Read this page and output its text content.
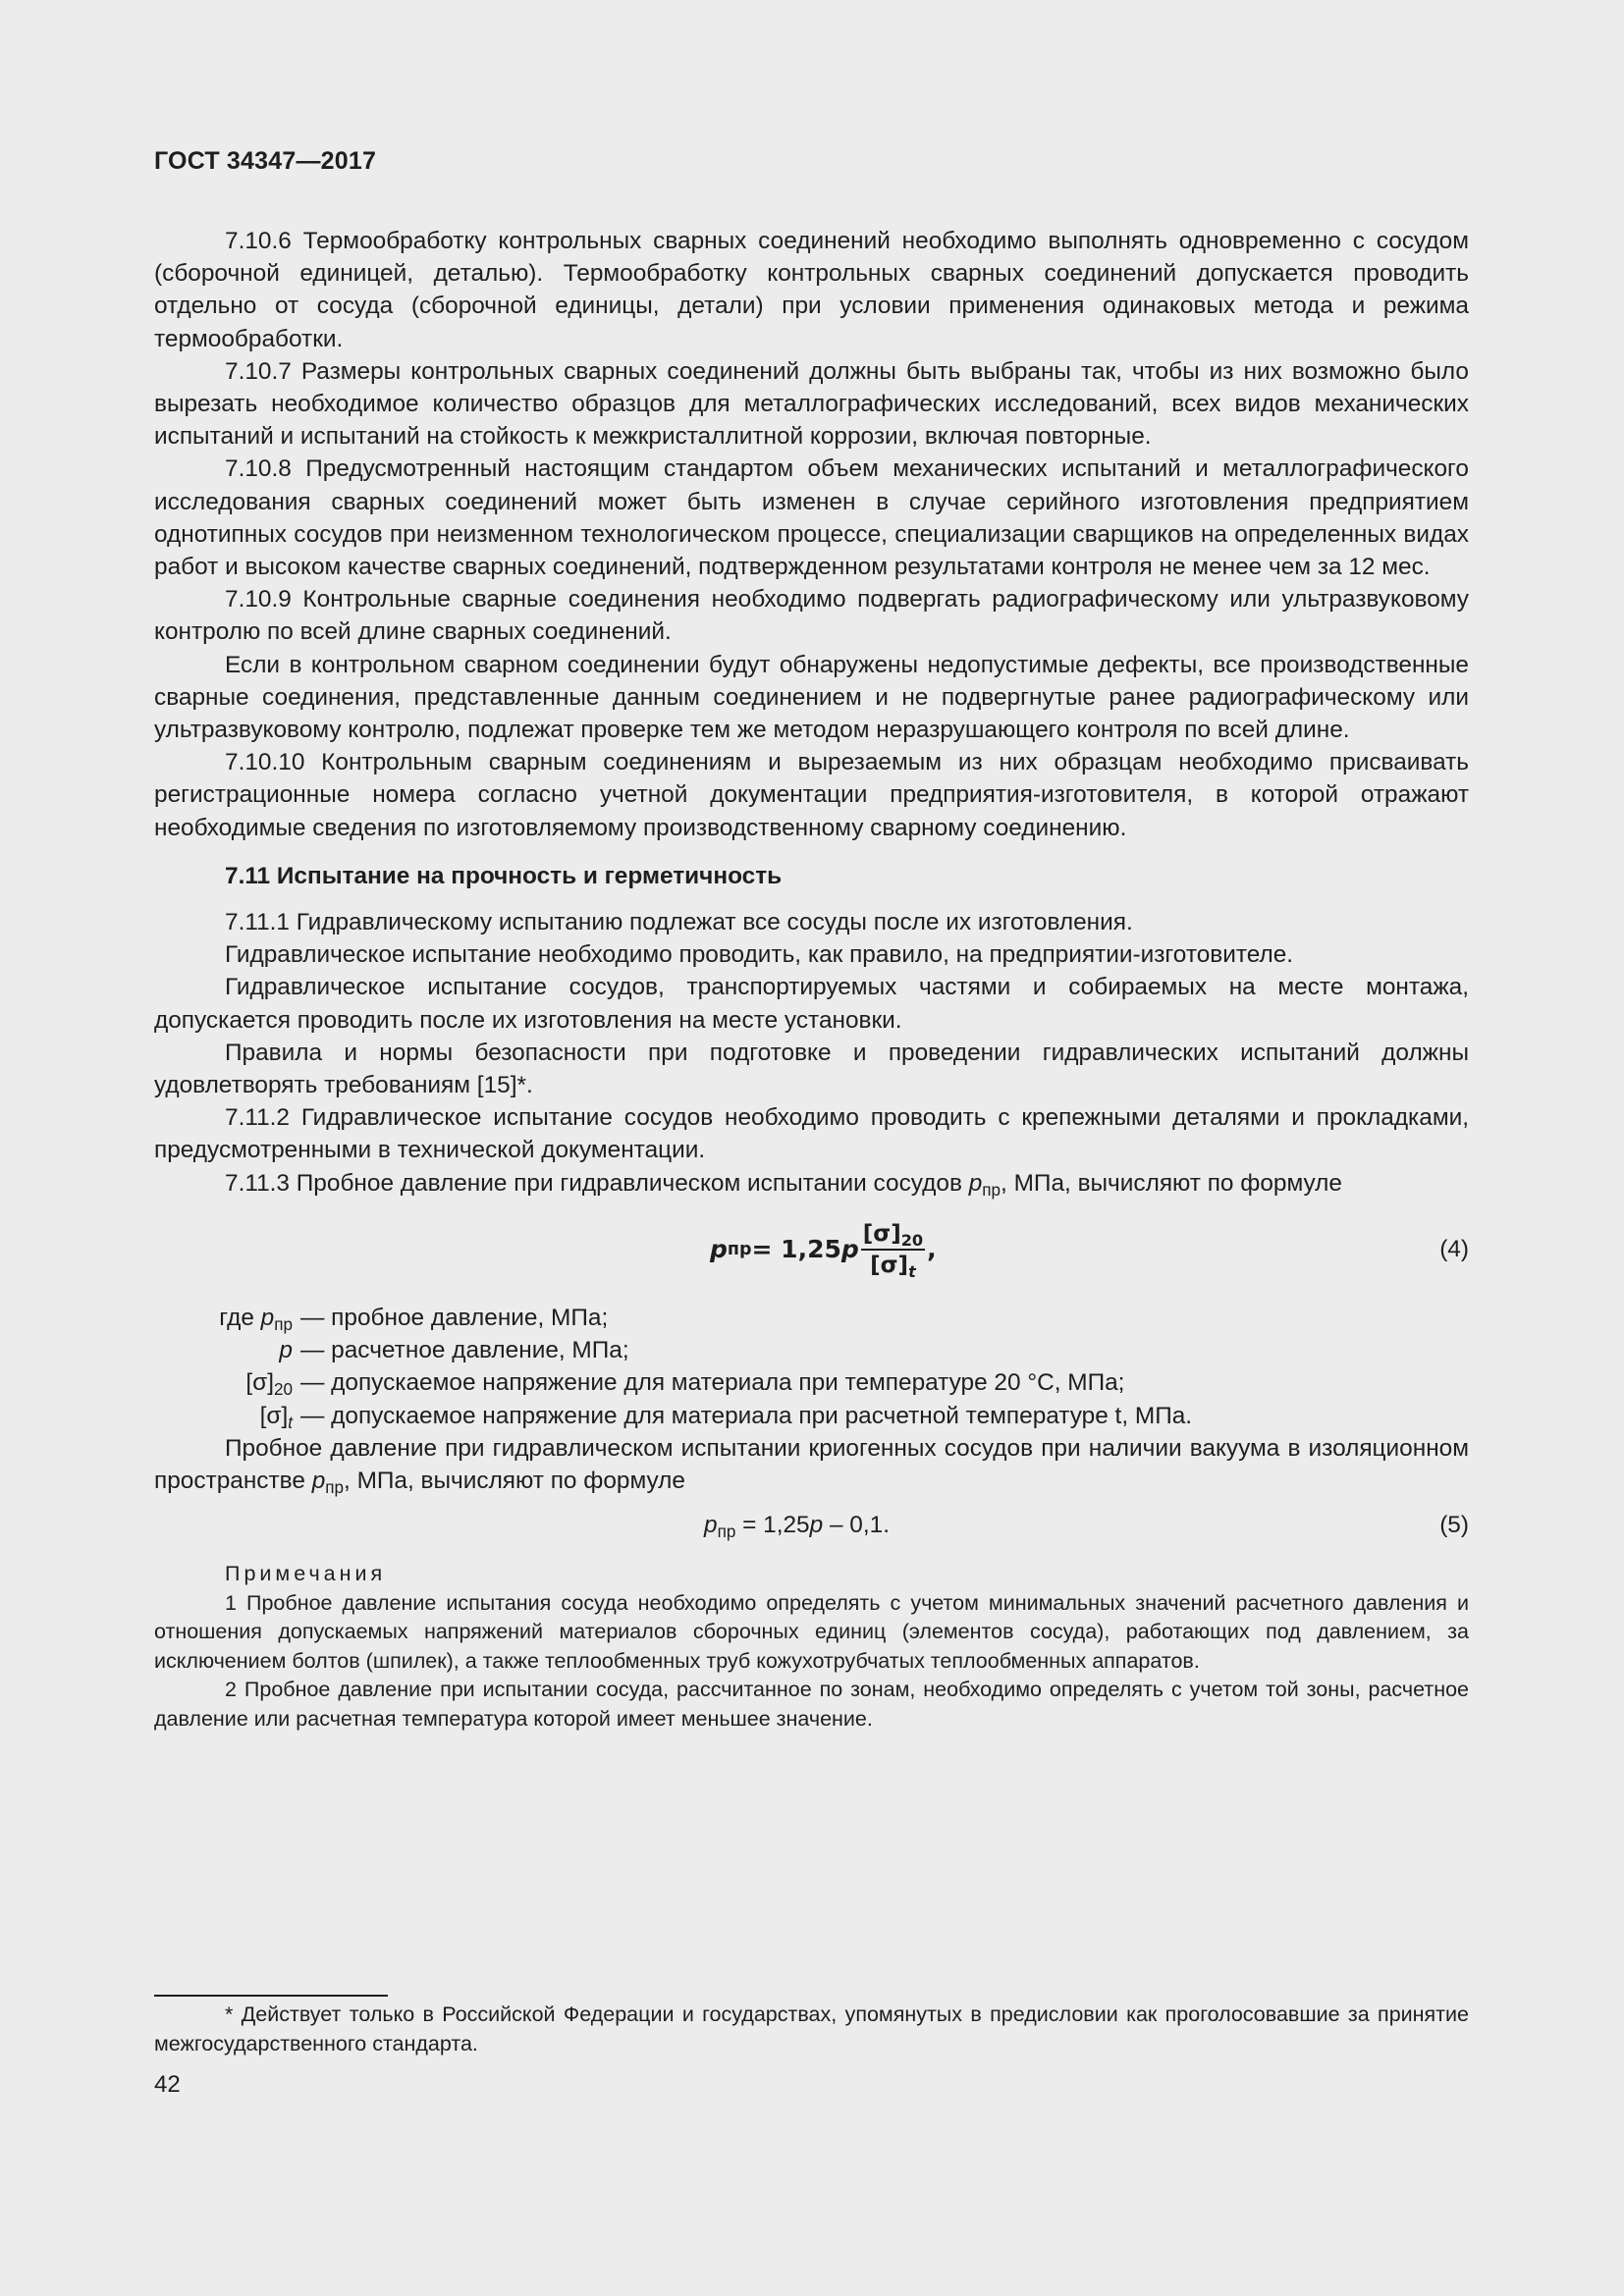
ГОСТ 34347—2017

7.10.6 Термообработку контрольных сварных соединений необходимо выполнять одновременно с сосудом (сборочной единицей, деталью). Термообработку контрольных сварных соединений допускается проводить отдельно от сосуда (сборочной единицы, детали) при условии применения одинаковых метода и режима термообработки.

7.10.7 Размеры контрольных сварных соединений должны быть выбраны так, чтобы из них возможно было вырезать необходимое количество образцов для металлографических исследований, всех видов механических испытаний и испытаний на стойкость к межкристаллитной коррозии, включая повторные.

7.10.8 Предусмотренный настоящим стандартом объем механических испытаний и металлографического исследования сварных соединений может быть изменен в случае серийного изготовления предприятием однотипных сосудов при неизменном технологическом процессе, специализации сварщиков на определенных видах работ и высоком качестве сварных соединений, подтвержденном результатами контроля не менее чем за 12 мес.

7.10.9 Контрольные сварные соединения необходимо подвергать радиографическому или ультразвуковому контролю по всей длине сварных соединений.

Если в контрольном сварном соединении будут обнаружены недопустимые дефекты, все производственные сварные соединения, представленные данным соединением и не подвергнутые ранее радиографическому или ультразвуковому контролю, подлежат проверке тем же методом неразрушающего контроля по всей длине.

7.10.10 Контрольным сварным соединениям и вырезаемым из них образцам необходимо присваивать регистрационные номера согласно учетной документации предприятия-изготовителя, в которой отражают необходимые сведения по изготовляемому производственному сварному соединению.

7.11 Испытание на прочность и герметичность

7.11.1 Гидравлическому испытанию подлежат все сосуды после их изготовления.

Гидравлическое испытание необходимо проводить, как правило, на предприятии-изготовителе.

Гидравлическое испытание сосудов, транспортируемых частями и собираемых на месте монтажа, допускается проводить после их изготовления на месте установки.

Правила и нормы безопасности при подготовке и проведении гидравлических испытаний должны удовлетворять требованиям [15]*.

7.11.2 Гидравлическое испытание сосудов необходимо проводить с крепежными деталями и прокладками, предусмотренными в технической документации.

7.11.3 Пробное давление при гидравлическом испытании сосудов $p_{пр}$, МПа, вычисляют по формуле

p пр = 1,25 p $\frac{[\sigma]_{20}}{[\sigma]_t}$ ,	(4)
где $p_{пр}$ — пробное давление, МПа;
p — расчетное давление, МПа;
$[\sigma]_{20}$ — допускаемое напряжение для материала при температуре 20 °С, МПа;
$[\sigma]_t$ — допускаемое напряжение для материала при расчетной температуре t, МПа.

Пробное давление при гидравлическом испытании криогенных сосудов при наличии вакуума в изоляционном пространстве $p_{пр}$, МПа, вычисляют по формуле

$p_{пр} = 1,25p - 0,1$.	(5)

Примечания

1 Пробное давление испытания сосуда необходимо определять с учетом минимальных значений расчетного давления и отношения допускаемых напряжений материалов сборочных единиц (элементов сосуда), работающих под давлением, за исключением болтов (шпилек), а также теплообменных труб кожухотрубчатых теплообменных аппаратов.

2 Пробное давление при испытании сосуда, рассчитанное по зонам, необходимо определять с учетом той зоны, расчетное давление или расчетная температура которой имеет меньшее значение.

* Действует только в Российской Федерации и государствах, упомянутых в предисловии как проголосовавшие за принятие межгосударственного стандарта.
42
